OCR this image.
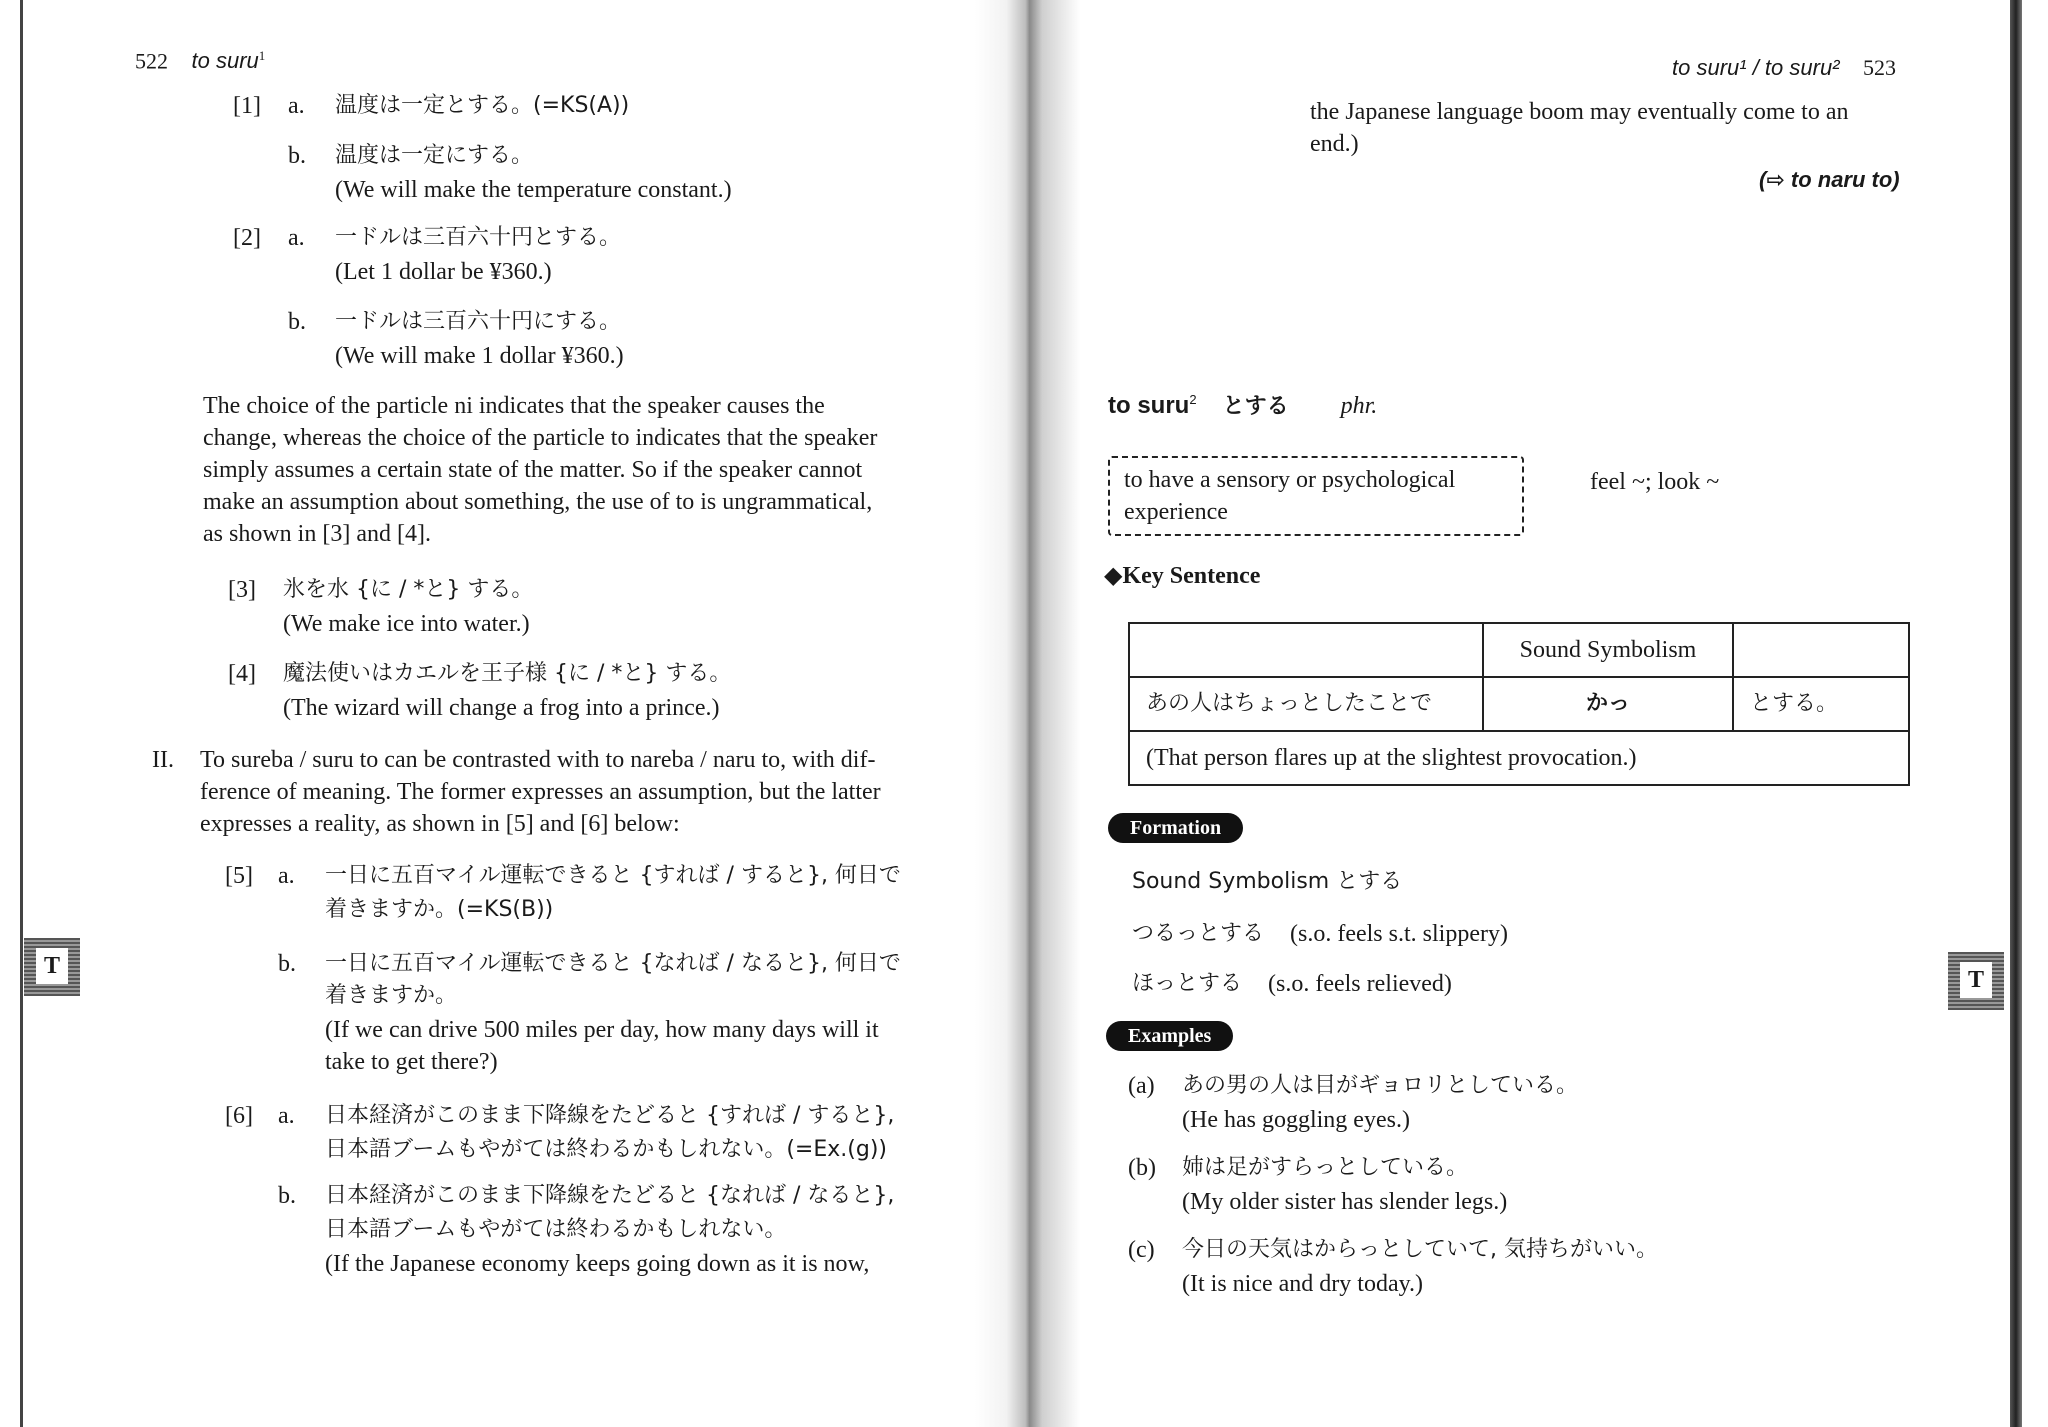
522 to suru$^1$
[1] a. 温度は一定とする。(=KS(A))
b. 温度は一定にする。
(We will make the temperature constant.)
[2] a. 一ドルは三百六十円とする。
(Let 1 dollar be ¥360.)
b. 一ドルは三百六十円にする。
(We will make 1 dollar ¥360.)
The choice of the particle ni indicates that the speaker causes the
change, whereas the choice of the particle to indicates that the speaker
simply assumes a certain state of the matter. So if the speaker cannot
make an assumption about something, the use of to is ungrammatical,
as shown in [3] and [4].
[3] 氷を水 {に / *と} する。
(We make ice into water.)
[4] 魔法使いはカエルを王子様 {に / *と} する。
(The wizard will change a frog into a prince.)
II. To sureba / suru to can be contrasted with to nareba / naru to, with dif-
ference of meaning. The former expresses an assumption, but the latter
expresses a reality, as shown in [5] and [6] below:
[5] a. 一日に五百マイル運転できると {すれば / すると}, 何日で
着きますか。(=KS(B))
b. 一日に五百マイル運転できると {なれば / なると}, 何日で
着きますか。
(If we can drive 500 miles per day, how many days will it
take to get there?)
[6] a. 日本経済がこのまま下降線をたどると {すれば / すると},
日本語ブームもやがては終わるかもしれない。(=Ex.(g))
b. 日本経済がこのまま下降線をたどると {なれば / なると},
日本語ブームもやがては終わるかもしれない。
(If the Japanese economy keeps going down as it is now,
T
to suru¹ / to suru² 523
the Japanese language boom may eventually come to an
end.)
(⇨ to naru to)
to suru$^2$ とする phr.
to have a sensory or psychological
experience
feel ~; look ~
◆Key Sentence
	Sound Symbolism	
あの人はちょっとしたことで	かっ	とする。
(That person flares up at the slightest provocation.)		
Formation
Sound Symbolism とする
つるっとする (s.o. feels s.t. slippery)
ほっとする (s.o. feels relieved)
Examples
(a) あの男の人は目がギョロリとしている。
(He has goggling eyes.)
(b) 姉は足がすらっとしている。
(My older sister has slender legs.)
(c) 今日の天気はからっとしていて, 気持ちがいい。
(It is nice and dry today.)
T
